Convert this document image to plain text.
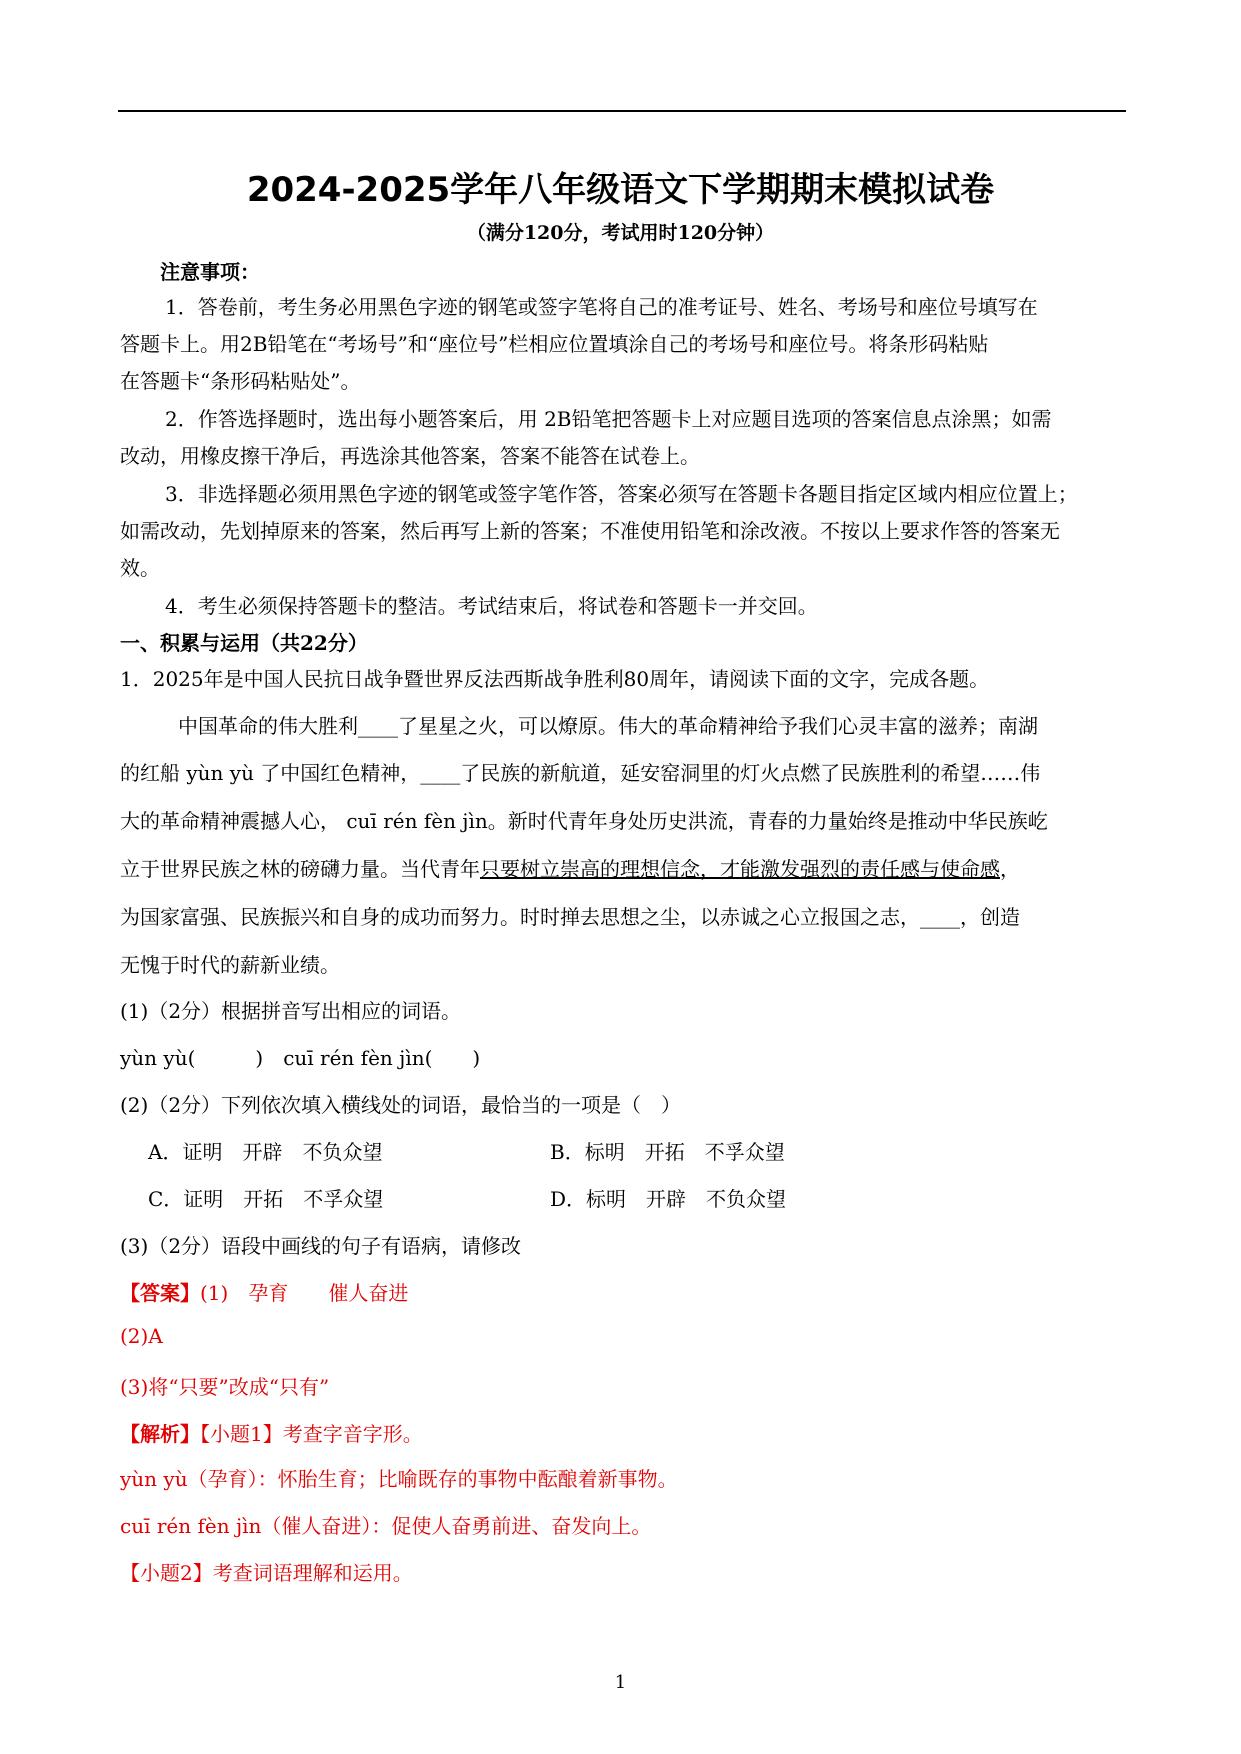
2024-2025学年八年级语文下学期期末模拟试卷
（满分120分，考试用时120分钟）
注意事项：
1．答卷前，考生务必用黑色字迹的钢笔或签字笔将自己的准考证号、姓名、考场号和座位号填写在
答题卡上。用2B铅笔在“考场号”和“座位号”栏相应位置填涂自己的考场号和座位号。将条形码粘贴
在答题卡“条形码粘贴处”。
2．作答选择题时，选出每小题答案后，用 2B铅笔把答题卡上对应题目选项的答案信息点涂黑；如需
改动，用橡皮擦干净后，再选涂其他答案，答案不能答在试卷上。
3．非选择题必须用黑色字迹的钢笔或签字笔作答，答案必须写在答题卡各题目指定区域内相应位置上；
如需改动，先划掉原来的答案，然后再写上新的答案；不准使用铅笔和涂改液。不按以上要求作答的答案无
效。
4．考生必须保持答题卡的整洁。考试结束后，将试卷和答题卡一并交回。
一、积累与运用（共22分）
1．2025年是中国人民抗日战争暨世界反法西斯战争胜利80周年，请阅读下面的文字，完成各题。
中国革命的伟大胜利____了星星之火，可以燎原。伟大的革命精神给予我们心灵丰富的滋养；南湖
的红船 yùn yù 了中国红色精神，____了民族的新航道，延安窑洞里的灯火点燃了民族胜利的希望……伟
大的革命精神震撼人心， cuī rén fèn jìn。新时代青年身处历史洪流，青春的力量始终是推动中华民族屹
立于世界民族之林的磅礴力量。当代青年只要树立崇高的理想信念，才能激发强烈的责任感与使命感，
为国家富强、民族振兴和自身的成功而努力。时时掸去思想之尘，以赤诚之心立报国之志，____，创造
无愧于时代的薪新业绩。
(1)（2分）根据拼音写出相应的词语。
yùn yù(　　　)　cuī rén fèn jìn(　　)
(2)（2分）下列依次填入横线处的词语，最恰当的一项是（　）
A．证明　开辟　不负众望	B．标明　开拓　不孚众望
C．证明　开拓　不孚众望	D．标明　开辟　不负众望
(3)（2分）语段中画线的句子有语病，请修改
【答案】(1)　孕育　　催人奋进
(2)A
(3)将“只要”改成“只有”
【解析】【小题1】考查字音字形。
yùn yù（孕育）：怀胎生育；比喻既存的事物中酝酿着新事物。
cuī rén fèn jìn（催人奋进）：促使人奋勇前进、奋发向上。
【小题2】考查词语理解和运用。
1
